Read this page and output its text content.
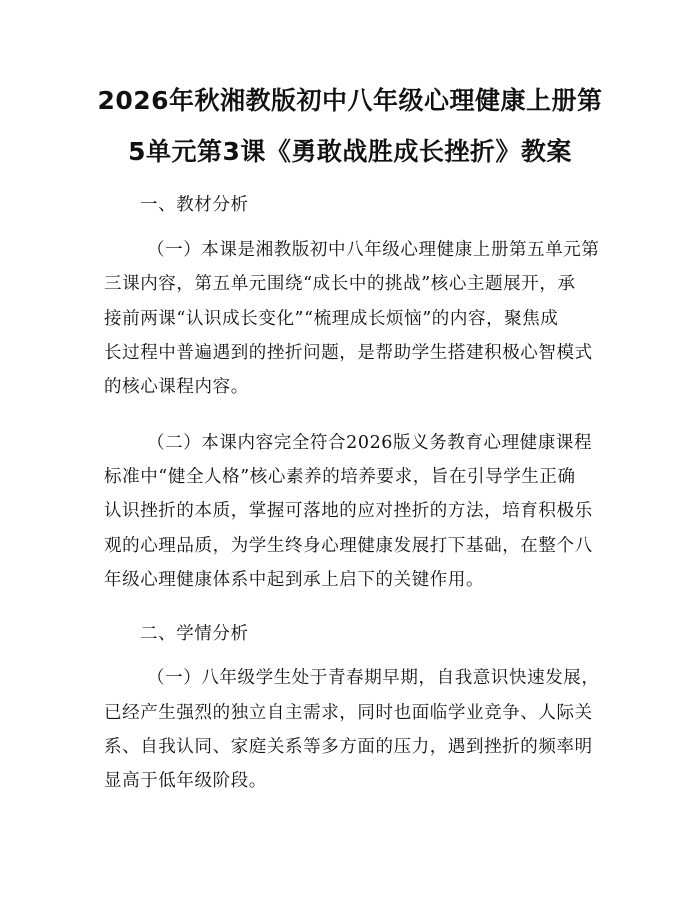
2026年秋湘教版初中八年级心理健康上册第
5单元第3课《勇敢战胜成长挫折》教案
一、教材分析
（一）本课是湘教版初中八年级心理健康上册第五单元第
三课内容，第五单元围绕“成长中的挑战”核心主题展开，承
接前两课“认识成长变化”“梳理成长烦恼”的内容，聚焦成
长过程中普遍遇到的挫折问题，是帮助学生搭建积极心智模式
的核心课程内容。
（二）本课内容完全符合2026版义务教育心理健康课程
标准中“健全人格”核心素养的培养要求，旨在引导学生正确
认识挫折的本质，掌握可落地的应对挫折的方法，培育积极乐
观的心理品质，为学生终身心理健康发展打下基础，在整个八
年级心理健康体系中起到承上启下的关键作用。
二、学情分析
（一）八年级学生处于青春期早期，自我意识快速发展，
已经产生强烈的独立自主需求，同时也面临学业竞争、人际关
系、自我认同、家庭关系等多方面的压力，遇到挫折的频率明
显高于低年级阶段。
